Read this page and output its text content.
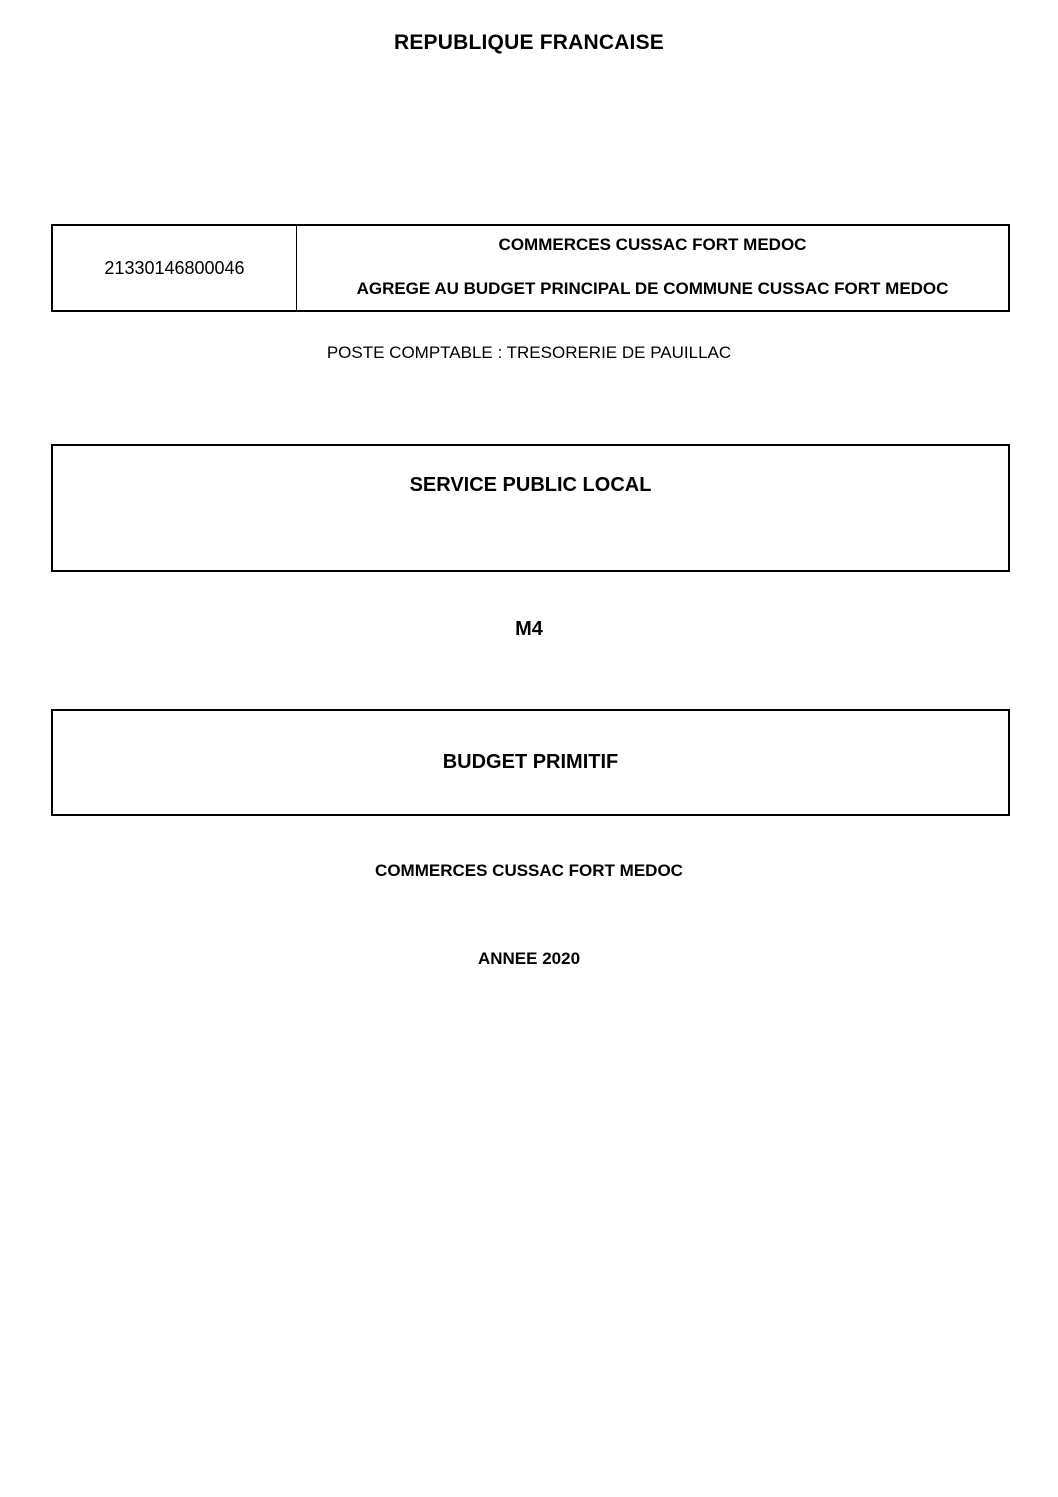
REPUBLIQUE FRANCAISE
21330146800046
COMMERCES CUSSAC FORT MEDOC
AGREGE AU BUDGET PRINCIPAL DE COMMUNE CUSSAC FORT MEDOC
POSTE COMPTABLE : TRESORERIE DE PAUILLAC
SERVICE PUBLIC LOCAL
M4
BUDGET PRIMITIF
COMMERCES CUSSAC FORT MEDOC
ANNEE 2020
